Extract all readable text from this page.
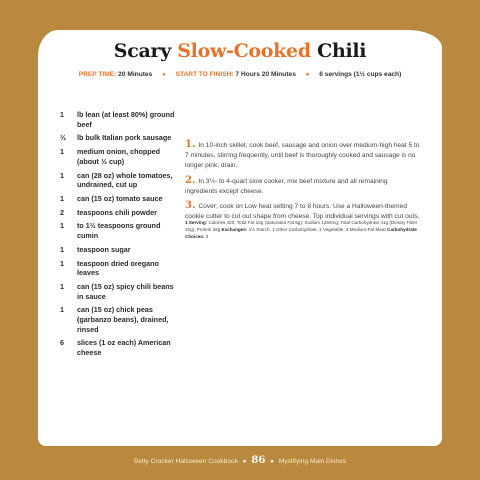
Scary Slow-Cooked Chili
PREP TIME: 20 Minutes ● START TO FINISH: 7 Hours 20 Minutes ● 6 servings (1½ cups each)
1	lb lean (at least 80%) ground beef
½	lb bulk Italian pork sausage
1	medium onion, chopped (about ½ cup)
1	can (28 oz) whole tomatoes, undrained, cut up
1	can (15 oz) tomato sauce
2	teaspoons chili powder
1	to 1½ teaspoons ground cumin
1	teaspoon sugar
1	teaspoon dried oregano leaves
1	can (15 oz) spicy chili beans in sauce
1	can (15 oz) chick peas (garbanzo beans), drained, rinsed
6	slices (1 oz each) American cheese
1. In 10-inch skillet, cook beef, sausage and onion over medium-high heat 5 to 7 minutes, stirring frequently, until beef is thoroughly cooked and sausage is no longer pink; drain.
2. In 3½- to 4-quart slow cooker, mix beef mixture and all remaining ingredients except cheese.
3. Cover; cook on Low heat setting 7 to 8 hours. Use a Halloween-themed cookie cutter to cut out shape from cheese. Top individual servings with cut outs.
1 Serving: Calories 420; Total Fat 16g (Saturated Fat 5g); Sodium 1260mg; Total Carbohydrate 41g (Dietary Fiber 10g); Protein 28g Exchanges: 1½ Starch, 1 Other Carbohydrate, 1 Vegetable, 3 Medium-Fat Meat Carbohydrate Choices: 3
Betty Crocker Halloween Cookbook ● 86 ● Mystifying Main Dishes
